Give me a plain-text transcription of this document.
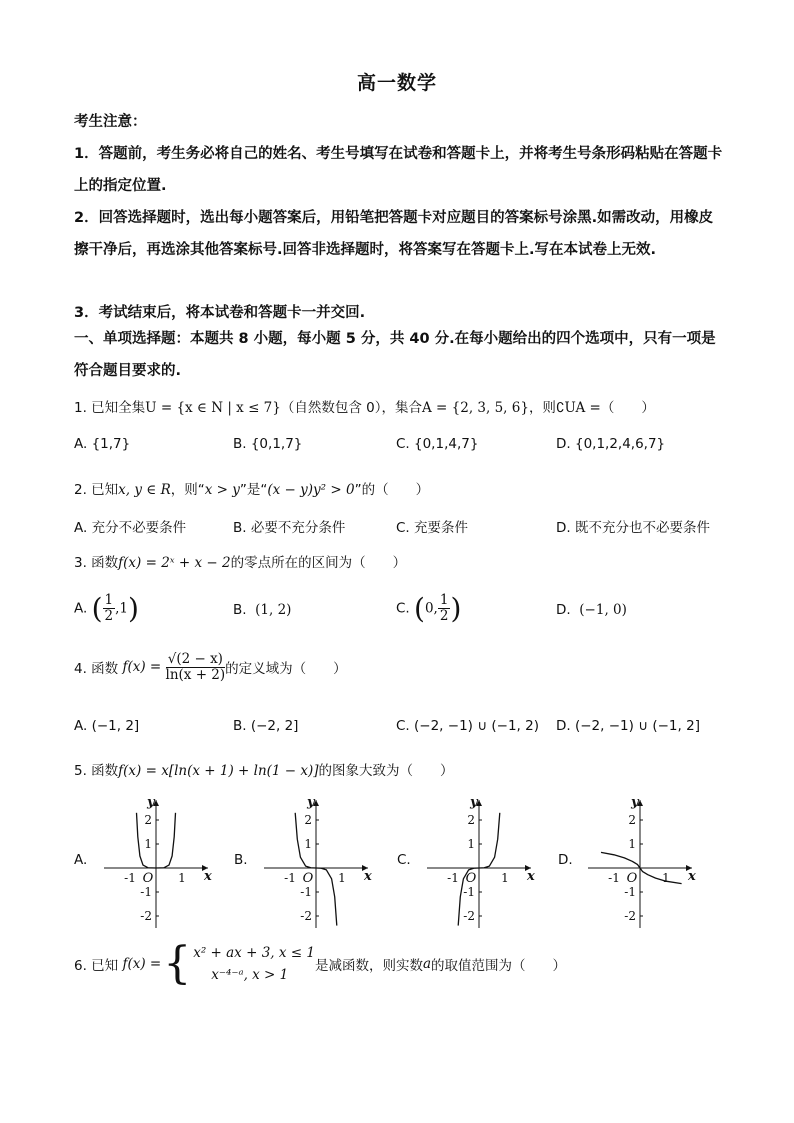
高一数学
考生注意：
1．答题前，考生务必将自己的姓名、考生号填写在试卷和答题卡上，并将考生号条形码粘贴在答题卡上的指定位置.
2．回答选择题时，选出每小题答案后，用铅笔把答题卡对应题目的答案标号涂黑.如需改动，用橡皮擦干净后，再选涂其他答案标号.回答非选择题时，将答案写在答题卡上.写在本试卷上无效.
3．考试结束后，将本试卷和答题卡一并交回.
一、单项选择题：本题共 8 小题，每小题 5 分，共 40 分.在每小题给出的四个选项中，只有一项是符合题目要求的.
1. 已知全集U = {x ∈ N | x ≤ 7}（自然数包含 0），集合A = {2, 3, 5, 6}，则∁UA =（　　）
A. {1,7}	B. {0,1,7}	C. {0,1,4,7}	D. {0,1,2,4,6,7}
2. 已知x, y ∈ R，则“x > y”是“(x − y)y² > 0”的（　　）
A. 充分不必要条件	B. 必要不充分条件	C. 充要条件	D. 既不充分也不必要条件
3. 函数f(x) = 2ˣ + x − 2的零点所在的区间为（　　）
A. ( $\frac{1}{2} ,1$)	B. (1, 2)	C. (0, $\frac{1}{2}$ )	D. (−1, 0)
4. 函数
f(x) =
$\frac{√(2 - x)}{\ln(x + 2)}$ 的定义域为（　　）
A. (−1, 2]	B. (−2, 2]	C. (−2, −1) ∪ (−1, 2) D. (−2, −1) ∪ (−1, 2]
5. 函数f(x) = x[ln(x + 1) + ln(1 − x)]的图象大致为（　　）
A.
2
1
-1
-2
1
-1 O
y
x
B.
2
1
-1
-2
1
-1 O
y
x
C.
2
1
-1
-2
1
-1 O
y
x
D.
2
1
-1
-2
1
-1 O
y
x
6. 已知
f(x) = { x² + ax + 3, x ≤ 1
x⁻⁴⁻ᵃ, x > 1
是减函数，则实数 a 的取值范围为（　　）
